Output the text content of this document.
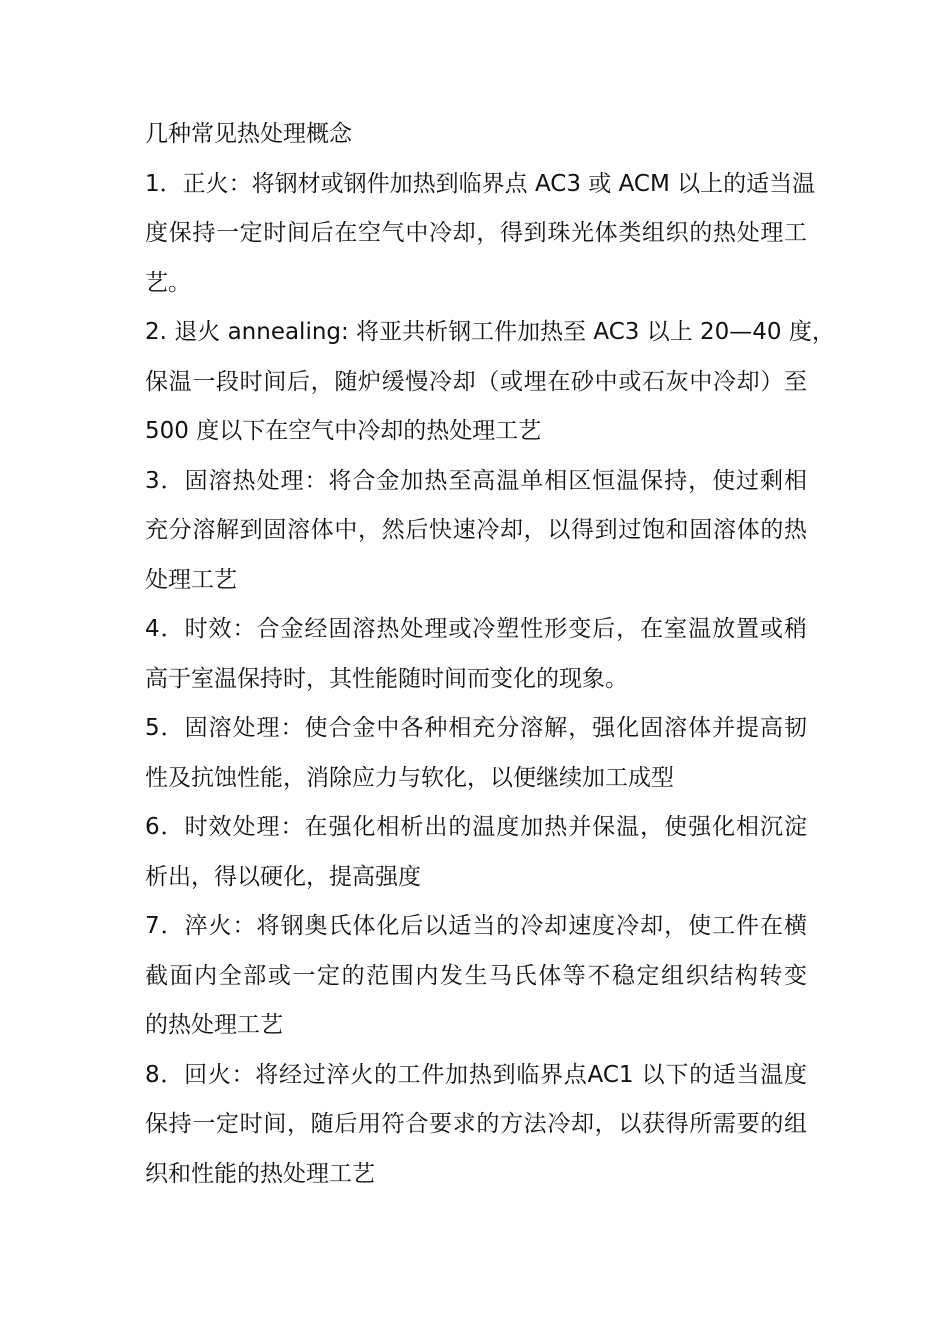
几种常见热处理概念
1．正火：将钢材或钢件加热到临界点 AC3 或 ACM 以上的适当温
度保持一定时间后在空气中冷却，得到珠光体类组织的热处理工
艺。
2. 退火 annealing: 将亚共析钢工件加热至 AC3 以上 20—40 度，
保温一段时间后，随炉缓慢冷却（或埋在砂中或石灰中冷却）至
500 度以下在空气中冷却的热处理工艺
3．固溶热处理：将合金加热至高温单相区恒温保持，使过剩相
充分溶解到固溶体中，然后快速冷却，以得到过饱和固溶体的热
处理工艺
4．时效：合金经固溶热处理或冷塑性形变后，在室温放置或稍
高于室温保持时，其性能随时间而变化的现象。
5．固溶处理：使合金中各种相充分溶解，强化固溶体并提高韧
性及抗蚀性能，消除应力与软化，以便继续加工成型
6．时效处理：在强化相析出的温度加热并保温，使强化相沉淀
析出，得以硬化，提高强度
7．淬火：将钢奥氏体化后以适当的冷却速度冷却，使工件在横
截面内全部或一定的范围内发生马氏体等不稳定组织结构转变
的热处理工艺
8．回火：将经过淬火的工件加热到临界点AC1 以下的适当温度
保持一定时间，随后用符合要求的方法冷却，以获得所需要的组
织和性能的热处理工艺
